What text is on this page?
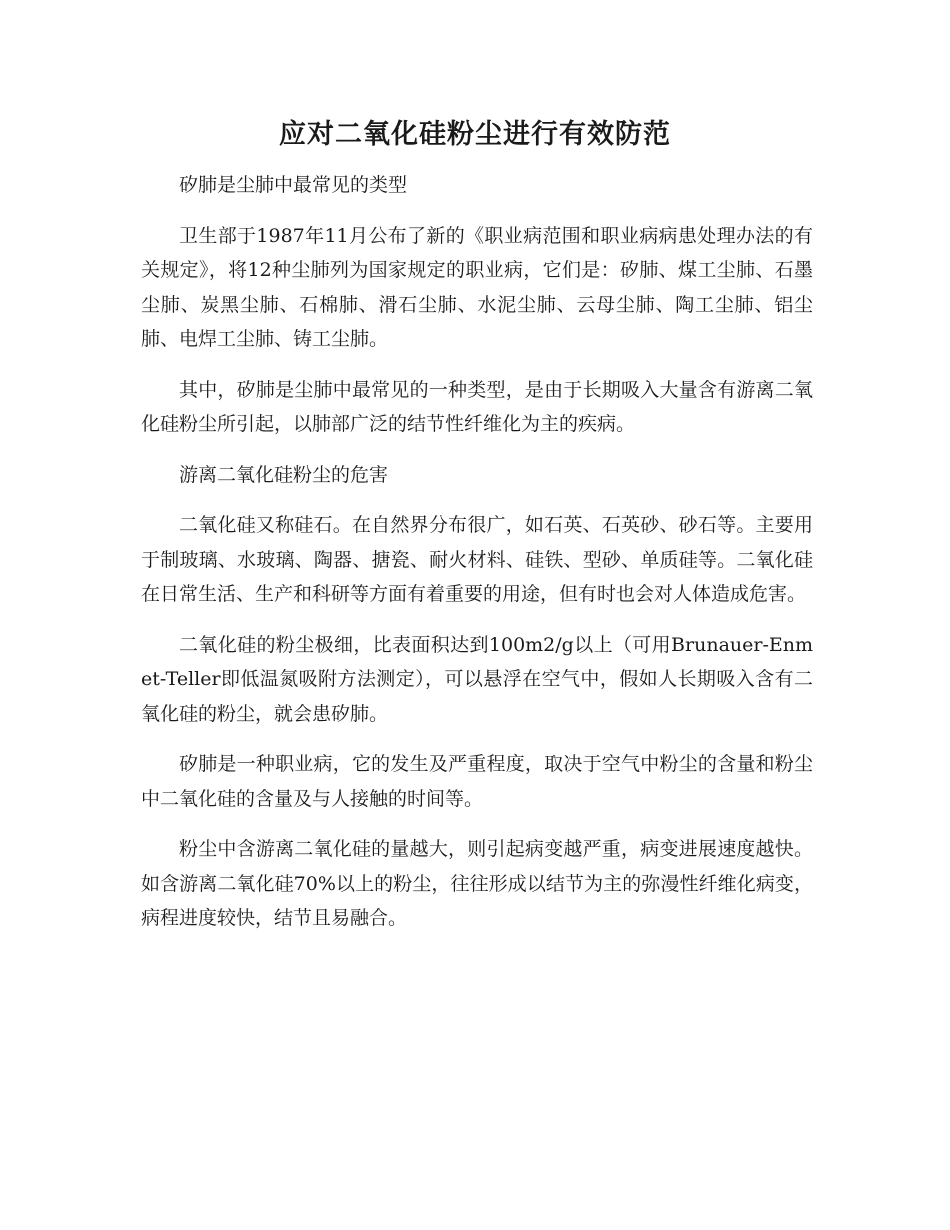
应对二氧化硅粉尘进行有效防范

矽肺是尘肺中最常见的类型

卫生部于1987年11月公布了新的《职业病范围和职业病病患处理办法的有关规定》，将12种尘肺列为国家规定的职业病，它们是：矽肺、煤工尘肺、石墨尘肺、炭黑尘肺、石棉肺、滑石尘肺、水泥尘肺、云母尘肺、陶工尘肺、铝尘肺、电焊工尘肺、铸工尘肺。

其中，矽肺是尘肺中最常见的一种类型，是由于长期吸入大量含有游离二氧化硅粉尘所引起，以肺部广泛的结节性纤维化为主的疾病。

游离二氧化硅粉尘的危害

二氧化硅又称硅石。在自然界分布很广，如石英、石英砂、砂石等。主要用于制玻璃、水玻璃、陶器、搪瓷、耐火材料、硅铁、型砂、单质硅等。二氧化硅在日常生活、生产和科研等方面有着重要的用途，但有时也会对人体造成危害。

二氧化硅的粉尘极细，比表面积达到100m2/g以上（可用Brunauer-Enmet-Teller即低温氮吸附方法测定），可以悬浮在空气中，假如人长期吸入含有二氧化硅的粉尘，就会患矽肺。

矽肺是一种职业病，它的发生及严重程度，取决于空气中粉尘的含量和粉尘中二氧化硅的含量及与人接触的时间等。

粉尘中含游离二氧化硅的量越大，则引起病变越严重，病变进展速度越快。如含游离二氧化硅70%以上的粉尘，往往形成以结节为主的弥漫性纤维化病变，病程进度较快，结节且易融合。
